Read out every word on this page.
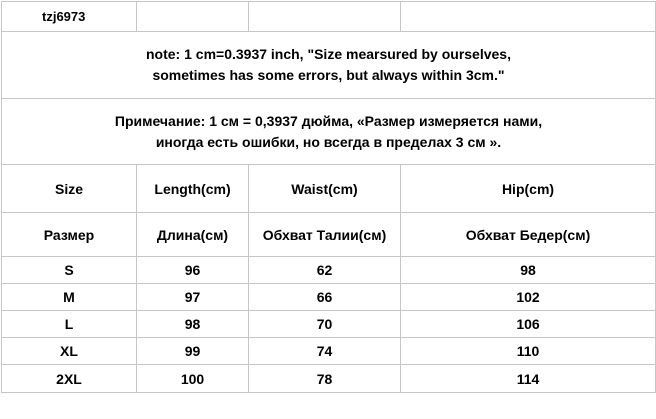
tzj6973			

note: 1 cm=0.3937 inch, "Size mearsured by ourselves,
sometimes has some errors, but always within 3cm."			

Примечание: 1 см = 0,3937 дюйма, «Размер измеряется нами,
иногда есть ошибки, но всегда в пределах 3 см ».			

Size	Length(cm)	Waist(cm)	Hip(cm)
Размер	Длина(см)	Обхват Талии(см)	Обхват Бедер(см)
S	96	62	98
M	97	66	102
L	98	70	106
XL	99	74	110
2XL	100	78	114
